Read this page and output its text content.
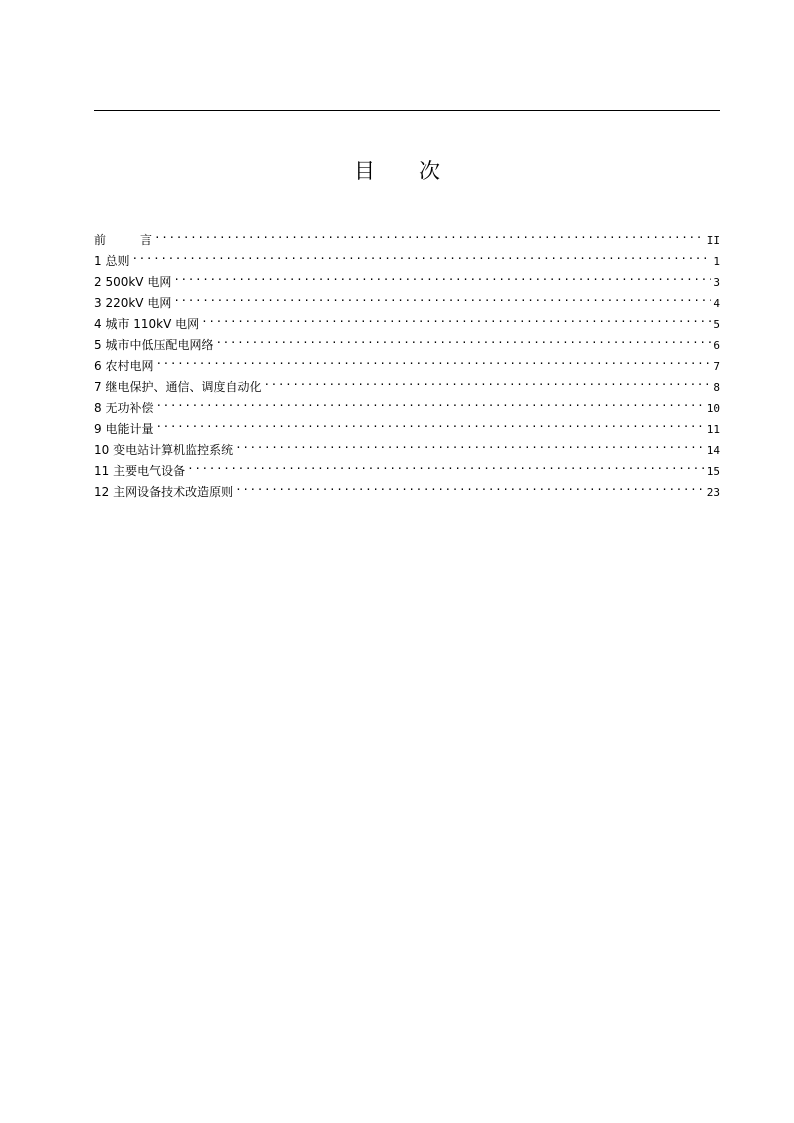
目 次
前	言 .....	II
1 总则 .....	1
2 500kV 电网 .....	3
3 220kV 电网 .....	4
4 城市 110kV 电网 .....	5
5 城市中低压配电网络 .....	6
6 农村电网 .....	7
7 继电保护、通信、调度自动化 .....	8
8 无功补偿 .....	10
9 电能计量 .....	11
10 变电站计算机监控系统 .....	14
11 主要电气设备 .....	15
12 主网设备技术改造原则 .....	23
